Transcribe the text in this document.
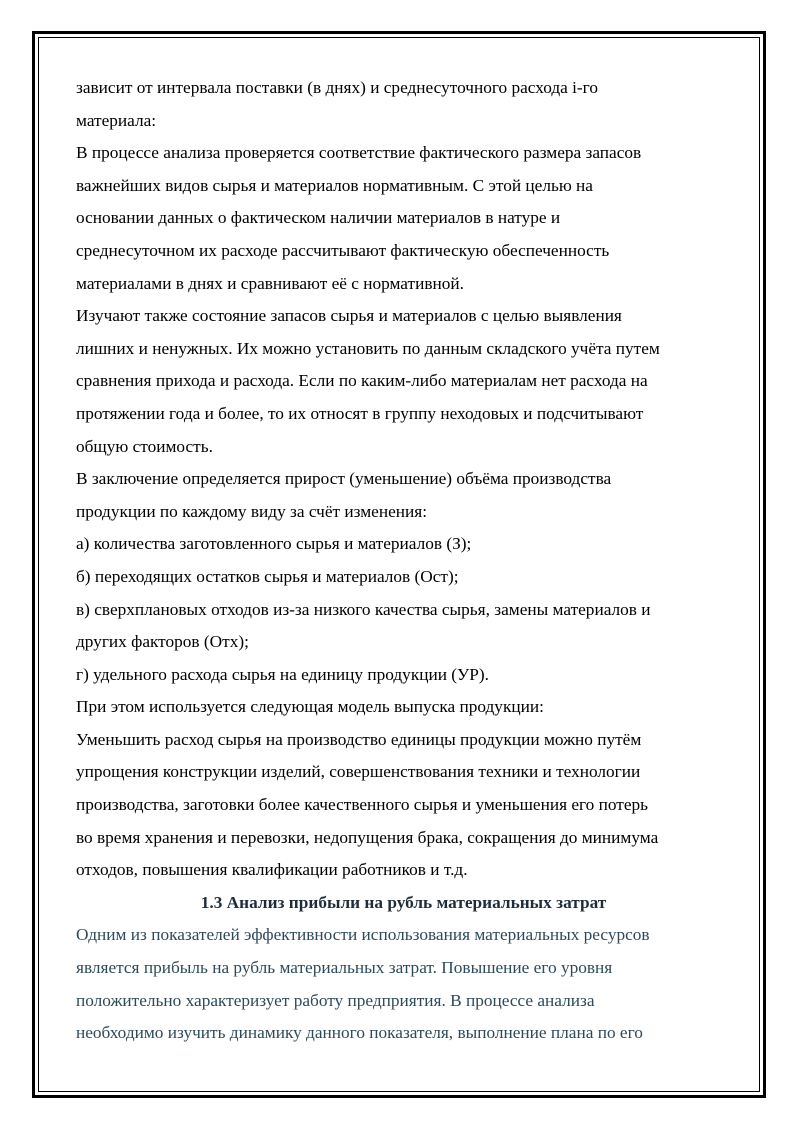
зависит от интервала поставки (в днях) и среднесуточного расхода i-го
материала:
В процессе анализа проверяется соответствие фактического размера запасов
важнейших видов сырья и материалов нормативным. С этой целью на
основании данных о фактическом наличии материалов в натуре и
среднесуточном их расходе рассчитывают фактическую обеспеченность
материалами в днях и сравнивают её с нормативной.
Изучают также состояние запасов сырья и материалов с целью выявления
лишних и ненужных. Их можно установить по данным складского учёта путем
сравнения прихода и расхода. Если по каким-либо материалам нет расхода на
протяжении года и более, то их относят в группу неходовых и подсчитывают
общую стоимость.
В заключение определяется прирост (уменьшение) объёма производства
продукции по каждому виду за счёт изменения:
а) количества заготовленного сырья и материалов (З);
б) переходящих остатков сырья и материалов (Ост);
в) сверхплановых отходов из-за низкого качества сырья, замены материалов и
других факторов (Отх);
г) удельного расхода сырья на единицу продукции (УР).
При этом используется следующая модель выпуска продукции:
Уменьшить расход сырья на производство единицы продукции можно путём
упрощения конструкции изделий, совершенствования техники и технологии
производства, заготовки более качественного сырья и уменьшения его потерь
во время хранения и перевозки, недопущения брака, сокращения до минимума
отходов, повышения квалификации работников и т.д.
1.3 Анализ прибыли на рубль материальных затрат
Одним из показателей эффективности использования материальных ресурсов
является прибыль на рубль материальных затрат. Повышение его уровня
положительно характеризует работу предприятия. В процессе анализа
необходимо изучить динамику данного показателя, выполнение плана по его
